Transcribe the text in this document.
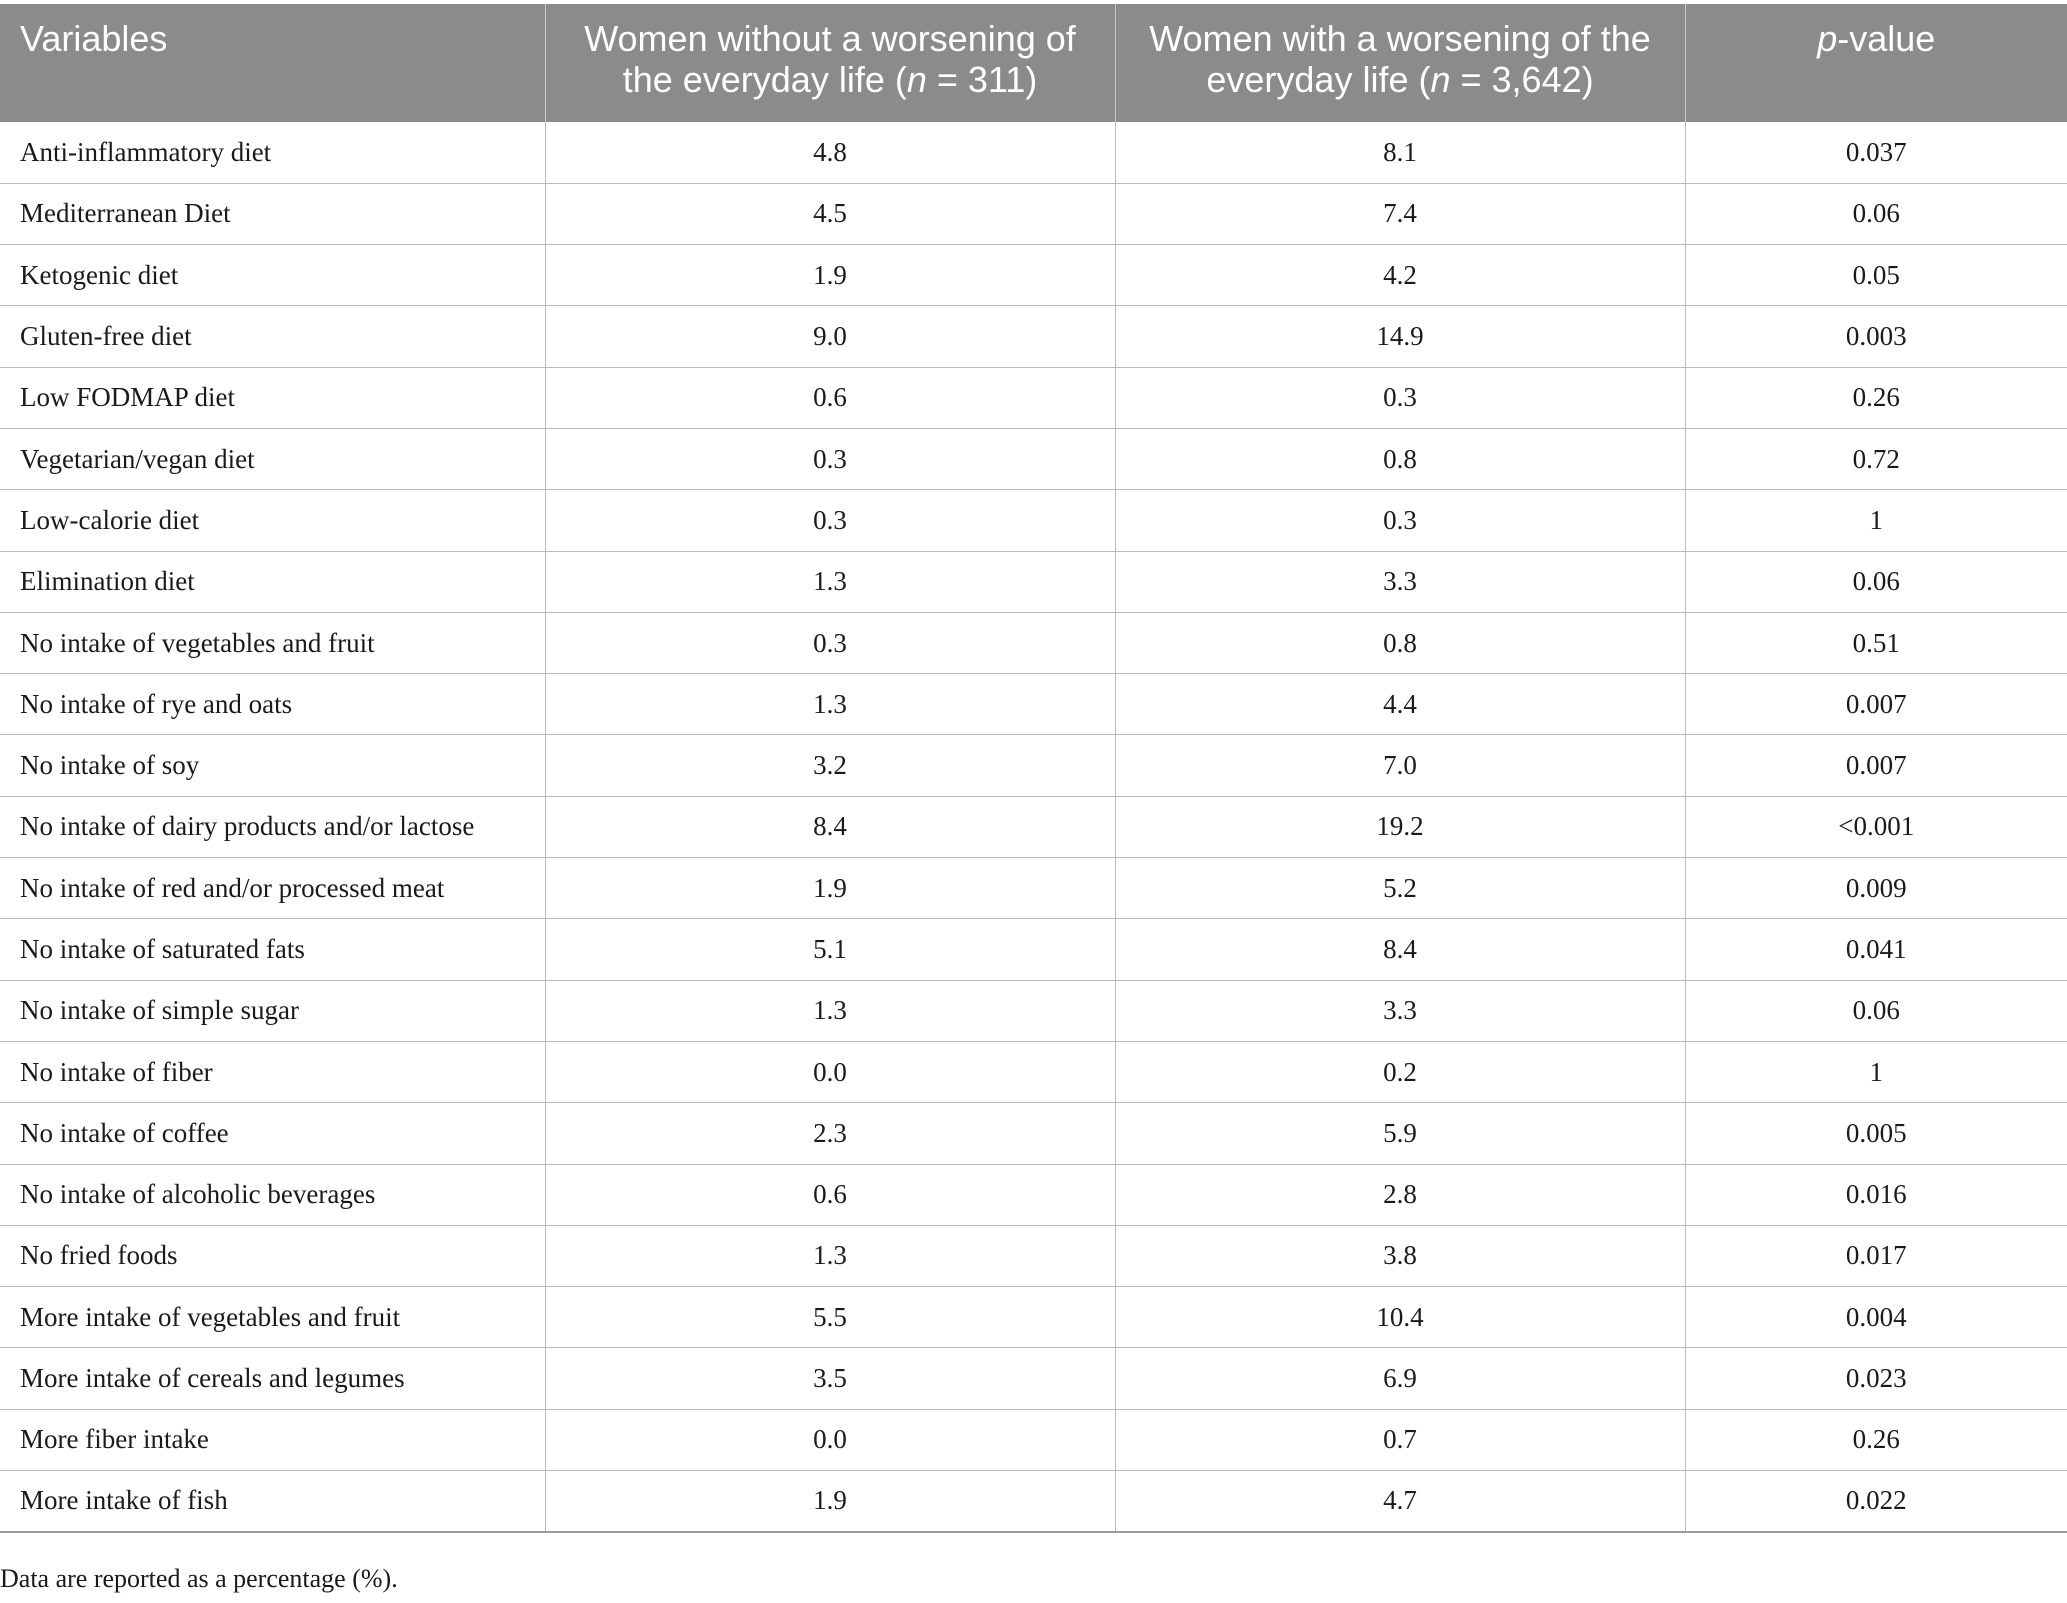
Variables	Women without a worsening of the everyday life (n = 311)	Women with a worsening of the everyday life (n = 3,642)	p-value
Anti-inflammatory diet	4.8	8.1	0.037
Mediterranean Diet	4.5	7.4	0.06
Ketogenic diet	1.9	4.2	0.05
Gluten-free diet	9.0	14.9	0.003
Low FODMAP diet	0.6	0.3	0.26
Vegetarian/vegan diet	0.3	0.8	0.72
Low-calorie diet	0.3	0.3	1
Elimination diet	1.3	3.3	0.06
No intake of vegetables and fruit	0.3	0.8	0.51
No intake of rye and oats	1.3	4.4	0.007
No intake of soy	3.2	7.0	0.007
No intake of dairy products and/or lactose	8.4	19.2	<0.001
No intake of red and/or processed meat	1.9	5.2	0.009
No intake of saturated fats	5.1	8.4	0.041
No intake of simple sugar	1.3	3.3	0.06
No intake of fiber	0.0	0.2	1
No intake of coffee	2.3	5.9	0.005
No intake of alcoholic beverages	0.6	2.8	0.016
No fried foods	1.3	3.8	0.017
More intake of vegetables and fruit	5.5	10.4	0.004
More intake of cereals and legumes	3.5	6.9	0.023
More fiber intake	0.0	0.7	0.26
More intake of fish	1.9	4.7	0.022
Data are reported as a percentage (%).
